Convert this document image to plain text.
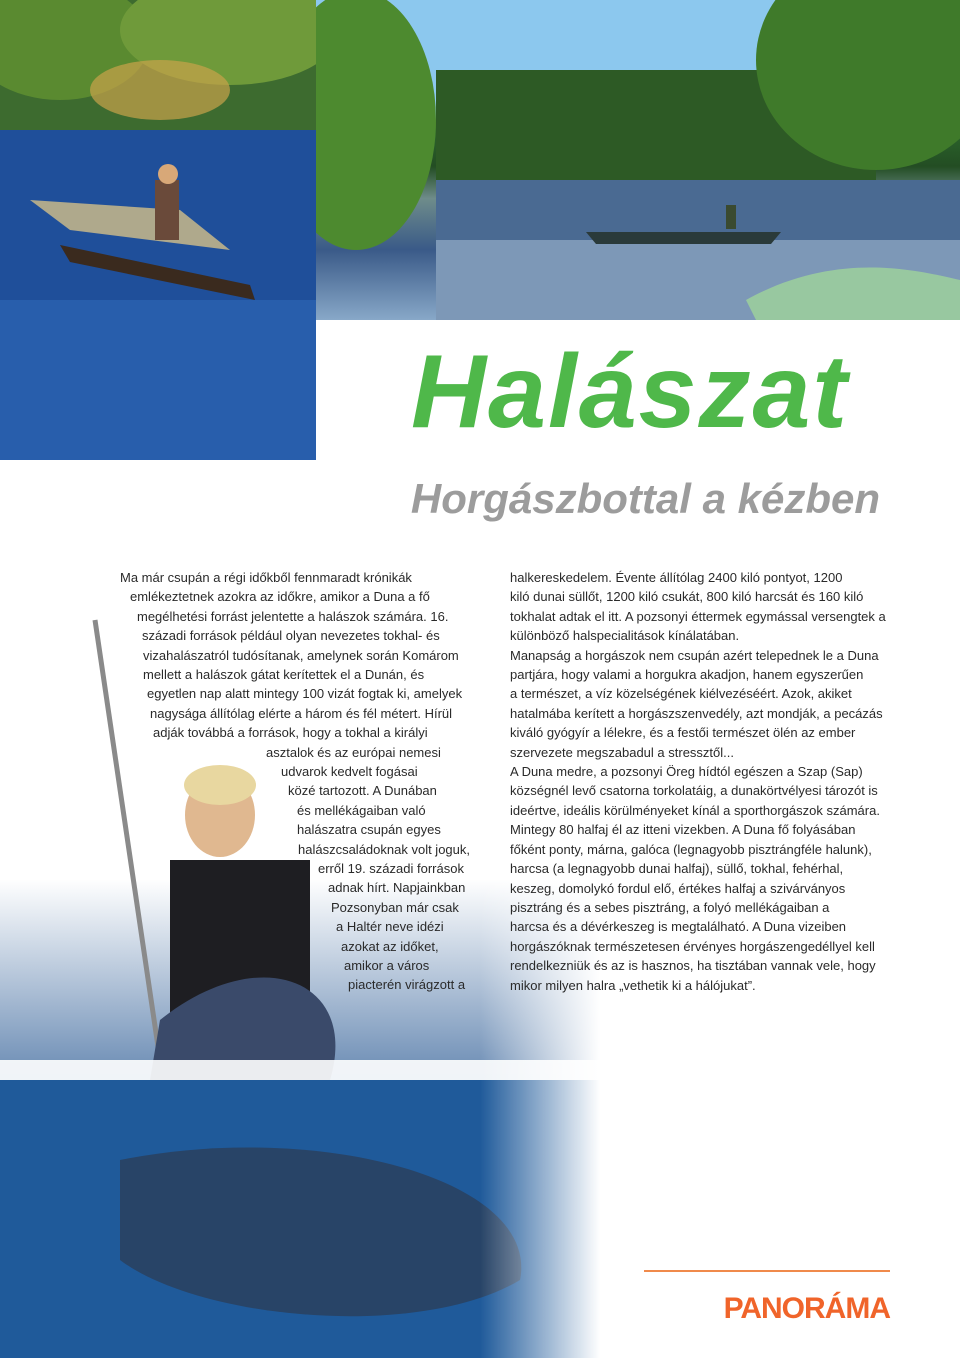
Halászat
Horgászbottal a kézben
Ma már csupán a régi időkből fennmaradt krónikák
emlékeztetnek azokra az időkre, amikor a Duna a fő
megélhetési forrást jelentette a halászok számára. 16.
századi források például olyan nevezetes tokhal- és
vizahalászatról tudósítanak, amelynek során Komárom
mellett a halászok gátat kerítettek el a Dunán, és
egyetlen nap alatt mintegy 100 vizát fogtak ki, amelyek
nagysága állítólag elérte a három és fél métert. Hírül
adják továbbá a források, hogy a tokhal a királyi
asztalok és az európai nemesi
udvarok kedvelt fogásai
közé tartozott. A Dunában
és mellékágaiban való
halászatra csupán egyes
halászcsaládoknak volt joguk,
erről 19. századi források
adnak hírt. Napjainkban
Pozsonyban már csak
a Haltér neve idézi
azokat az időket,
amikor a város
piacterén virágzott a
halkereskedelem. Évente állítólag 2400 kiló pontyot, 1200
kiló dunai süllőt, 1200 kiló csukát, 800 kiló harcsát és 160 kiló
tokhalat adtak el itt. A pozsonyi éttermek egymással versengtek a
különböző halspecialitások kínálatában.
Manapság a horgászok nem csupán azért telepednek le a Duna
partjára, hogy valami a horgukra akadjon, hanem egyszerűen
a természet, a víz közelségének kiélvezéséért. Azok, akiket
hatalmába kerített a horgászszenvedély, azt mondják, a pecázás
kiváló gyógyír a lélekre, és a festői természet ölén az ember
szervezete megszabadul a stressztől...
A Duna medre, a pozsonyi Öreg hídtól egészen a Szap (Sap)
községnél levő csatorna torkolatáig, a dunakörtvélyesi tározót is
ideértve, ideális körülményeket kínál a sporthorgászok számára.
Mintegy 80 halfaj él az itteni vizekben. A Duna fő folyásában
főként ponty, márna, galóca (legnagyobb pisztrángféle halunk),
harcsa (a legnagyobb dunai halfaj), süllő, tokhal, fehérhal,
keszeg, domolykó fordul elő, értékes halfaj a szivárványos
pisztráng és a sebes pisztráng, a folyó mellékágaiban a
harcsa és a dévérkeszeg is megtalálható. A Duna vizeiben
horgászóknak természetesen érvényes horgászengedéllyel kell
rendelkezniük és az is hasznos, ha tisztában vannak vele, hogy
mikor milyen halra „vethetik ki a hálójukat”.
PANORÁMA
